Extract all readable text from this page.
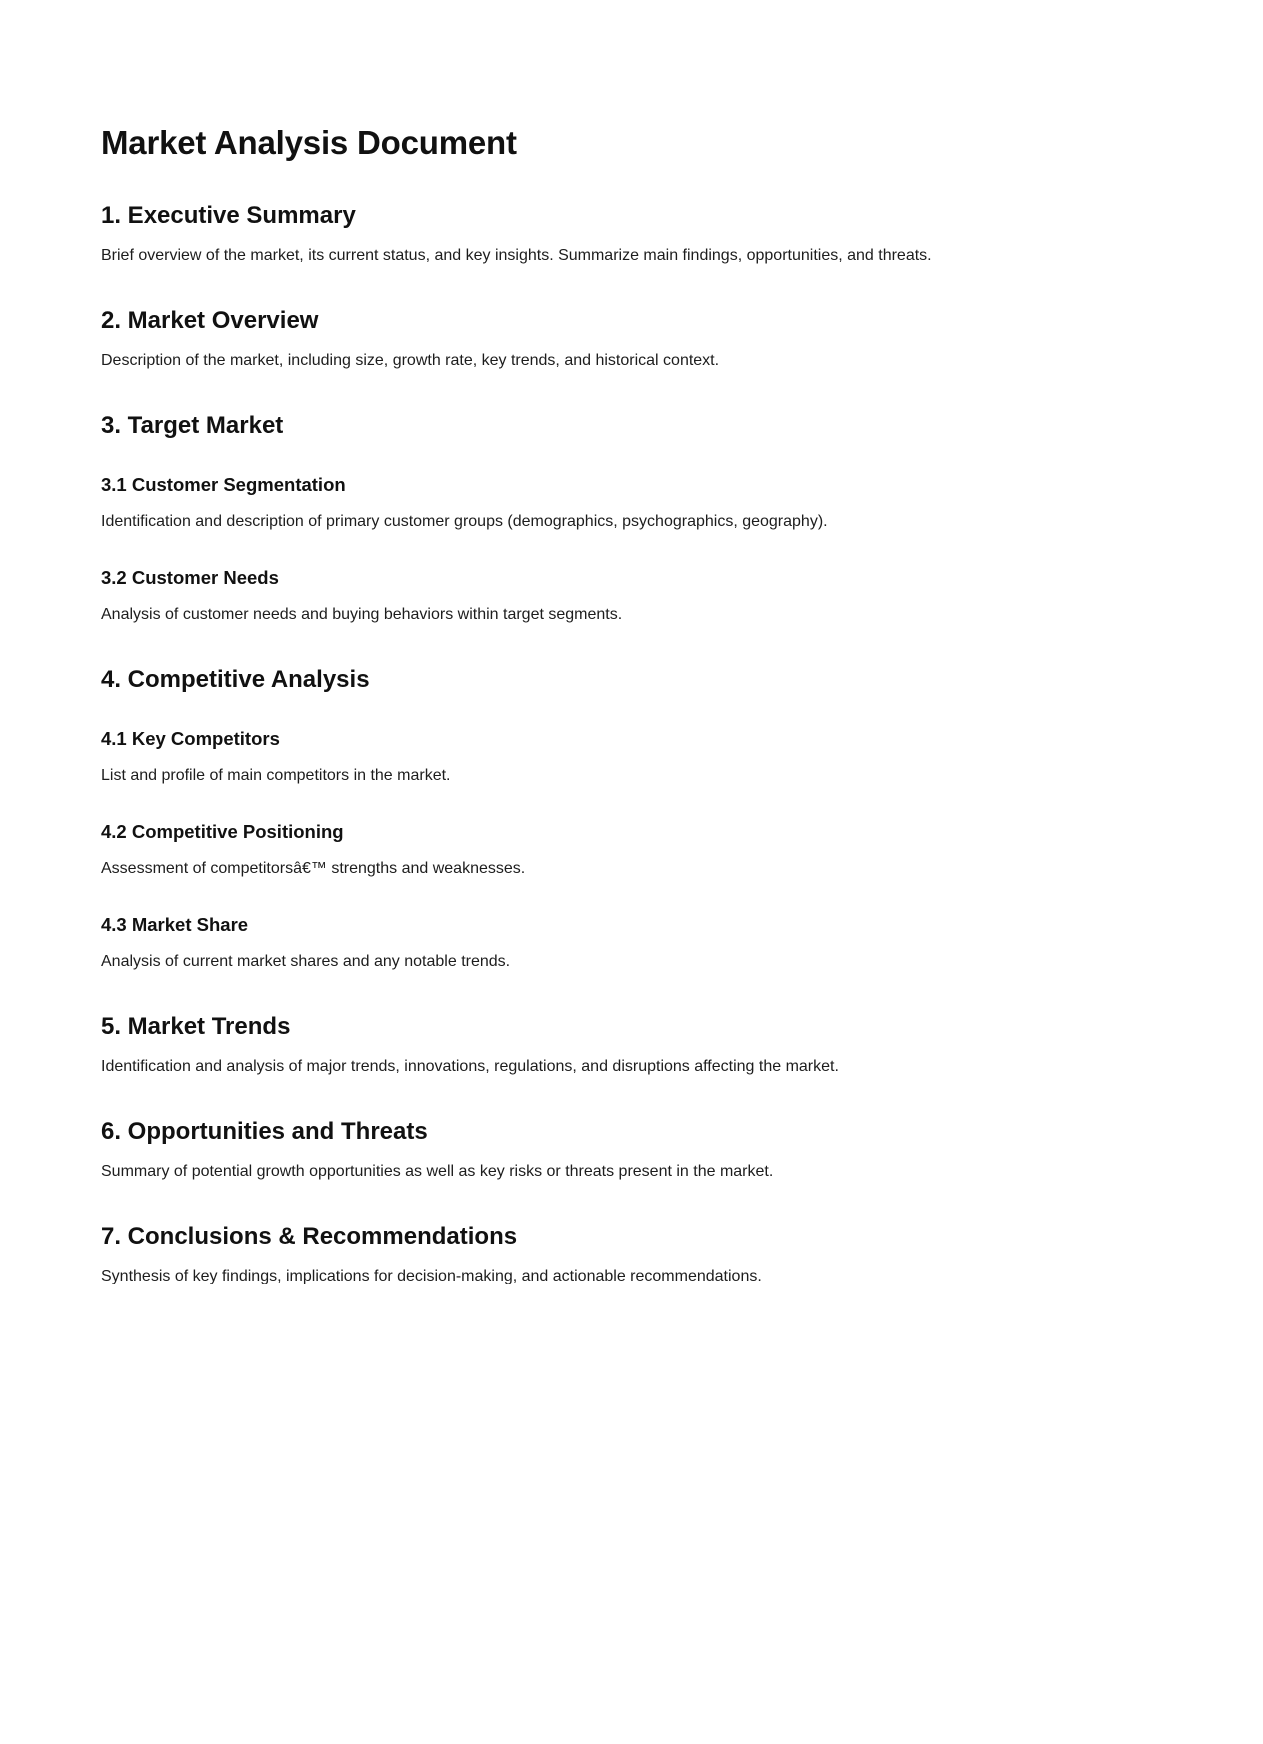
Market Analysis Document
1. Executive Summary

Brief overview of the market, its current status, and key insights. Summarize main findings, opportunities, and threats.

2. Market Overview

Description of the market, including size, growth rate, key trends, and historical context.

3. Target Market
3.1 Customer Segmentation

Identification and description of primary customer groups (demographics, psychographics, geography).

3.2 Customer Needs

Analysis of customer needs and buying behaviors within target segments.

4. Competitive Analysis
4.1 Key Competitors

List and profile of main competitors in the market.

4.2 Competitive Positioning

Assessment of competitorsâ€™ strengths and weaknesses.

4.3 Market Share

Analysis of current market shares and any notable trends.

5. Market Trends

Identification and analysis of major trends, innovations, regulations, and disruptions affecting the market.

6. Opportunities and Threats

Summary of potential growth opportunities as well as key risks or threats present in the market.

7. Conclusions & Recommendations

Synthesis of key findings, implications for decision-making, and actionable recommendations.
